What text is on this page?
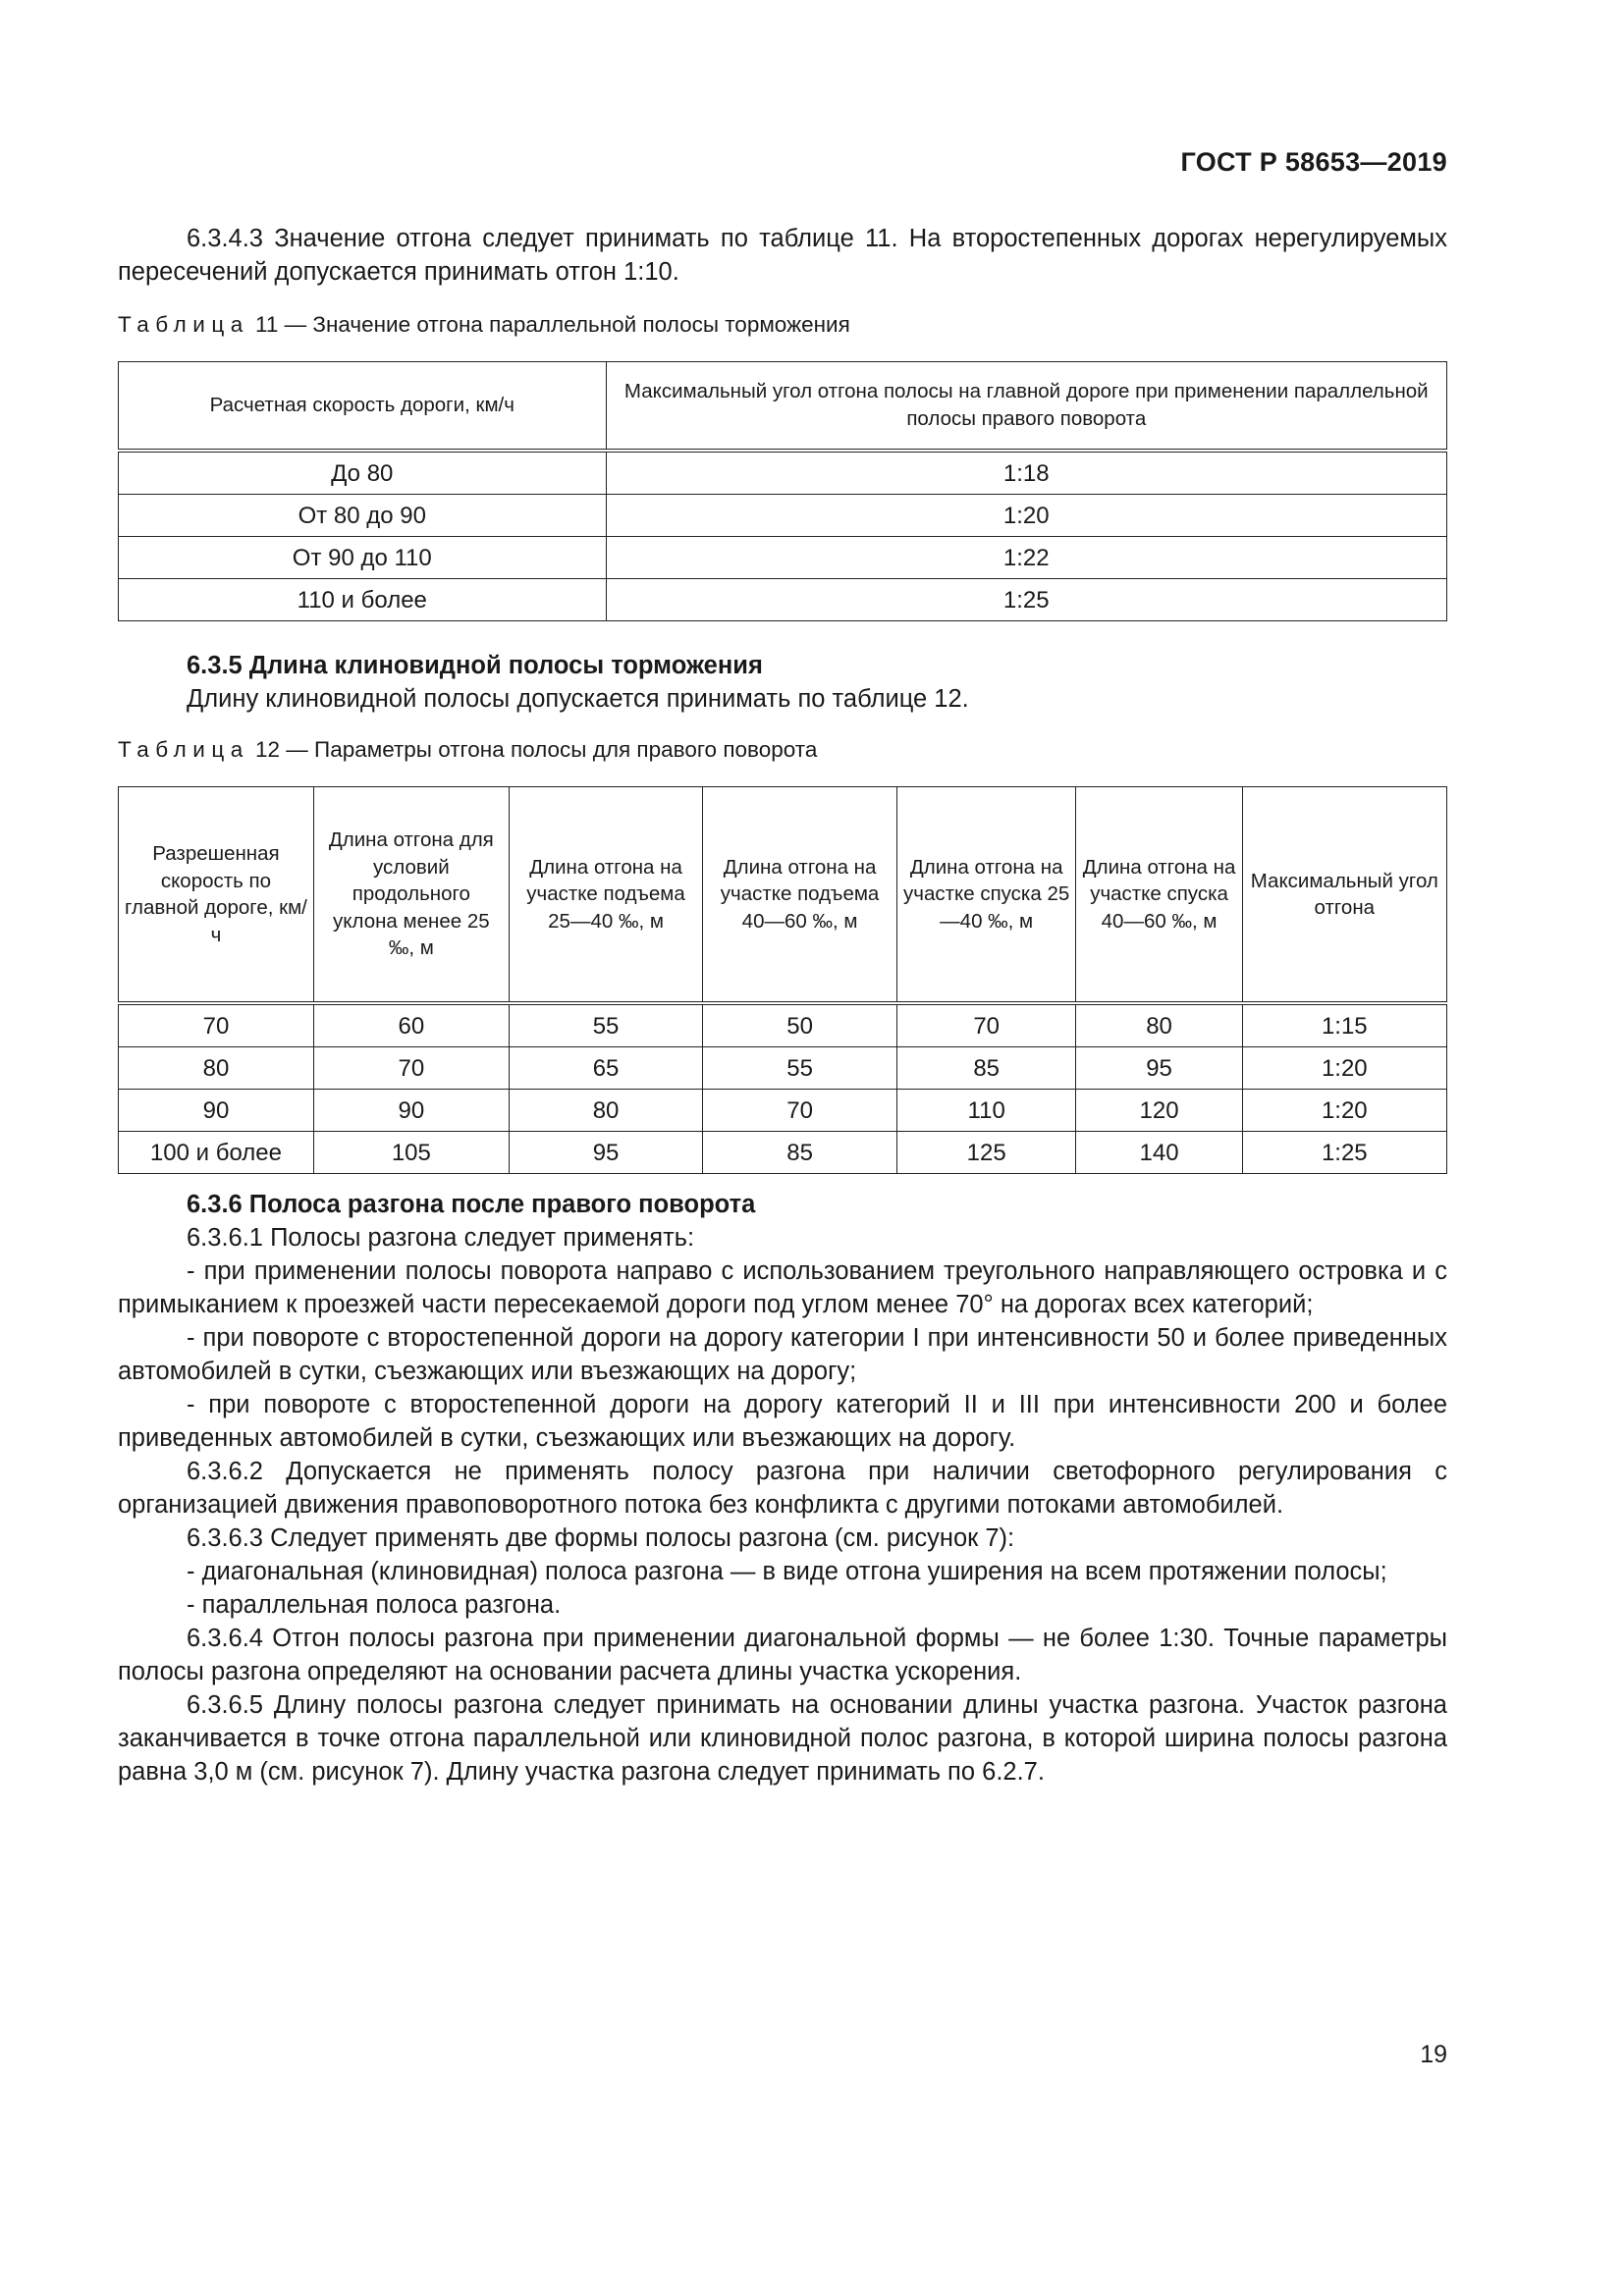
ГОСТ Р 58653—2019

6.3.4.3 Значение отгона следует принимать по таблице 11. На второстепенных дорогах нерегулируемых пересечений допускается принимать отгон 1:10.

Таблица 11 — Значение отгона параллельной полосы торможения
Расчетная скорость дороги, км/ч	Максимальный угол отгона полосы на главной дороге при применении параллельной полосы правого поворота
До 80	1:18
От 80 до 90	1:20
От 90 до 110	1:22
110 и более	1:25

6.3.5 Длина клиновидной полосы торможения

Длину клиновидной полосы допускается принимать по таблице 12.

Таблица 12 — Параметры отгона полосы для правого поворота
Разрешенная скорость по главной дороге, км/ч	Длина отгона для условий продольного уклона менее 25 ‰, м	Длина отгона на участке подъема 25—40 ‰, м	Длина отгона на участке подъема 40—60 ‰, м	Длина отгона на участке спуска 25—40 ‰, м	Длина отгона на участке спуска 40—60 ‰, м	Максимальный угол отгона
70	60	55	50	70	80	1:15
80	70	65	55	85	95	1:20
90	90	80	70	110	120	1:20
100 и более	105	95	85	125	140	1:25

6.3.6 Полоса разгона после правого поворота

6.3.6.1 Полосы разгона следует применять:

- при применении полосы поворота направо с использованием треугольного направляющего островка и с примыканием к проезжей части пересекаемой дороги под углом менее 70° на дорогах всех категорий;

- при повороте с второстепенной дороги на дорогу категории I при интенсивности 50 и более приведенных автомобилей в сутки, съезжающих или въезжающих на дорогу;

- при повороте с второстепенной дороги на дорогу категорий II и III при интенсивности 200 и более приведенных автомобилей в сутки, съезжающих или въезжающих на дорогу.

6.3.6.2 Допускается не применять полосу разгона при наличии светофорного регулирования с организацией движения правоповоротного потока без конфликта с другими потоками автомобилей.

6.3.6.3 Следует применять две формы полосы разгона (см. рисунок 7):

- диагональная (клиновидная) полоса разгона — в виде отгона уширения на всем протяжении полосы;

- параллельная полоса разгона.

6.3.6.4 Отгон полосы разгона при применении диагональной формы — не более 1:30. Точные параметры полосы разгона определяют на основании расчета длины участка ускорения.

6.3.6.5 Длину полосы разгона следует принимать на основании длины участка разгона. Участок разгона заканчивается в точке отгона параллельной или клиновидной полос разгона, в которой ширина полосы разгона равна 3,0 м (см. рисунок 7). Длину участка разгона следует принимать по 6.2.7.

19
